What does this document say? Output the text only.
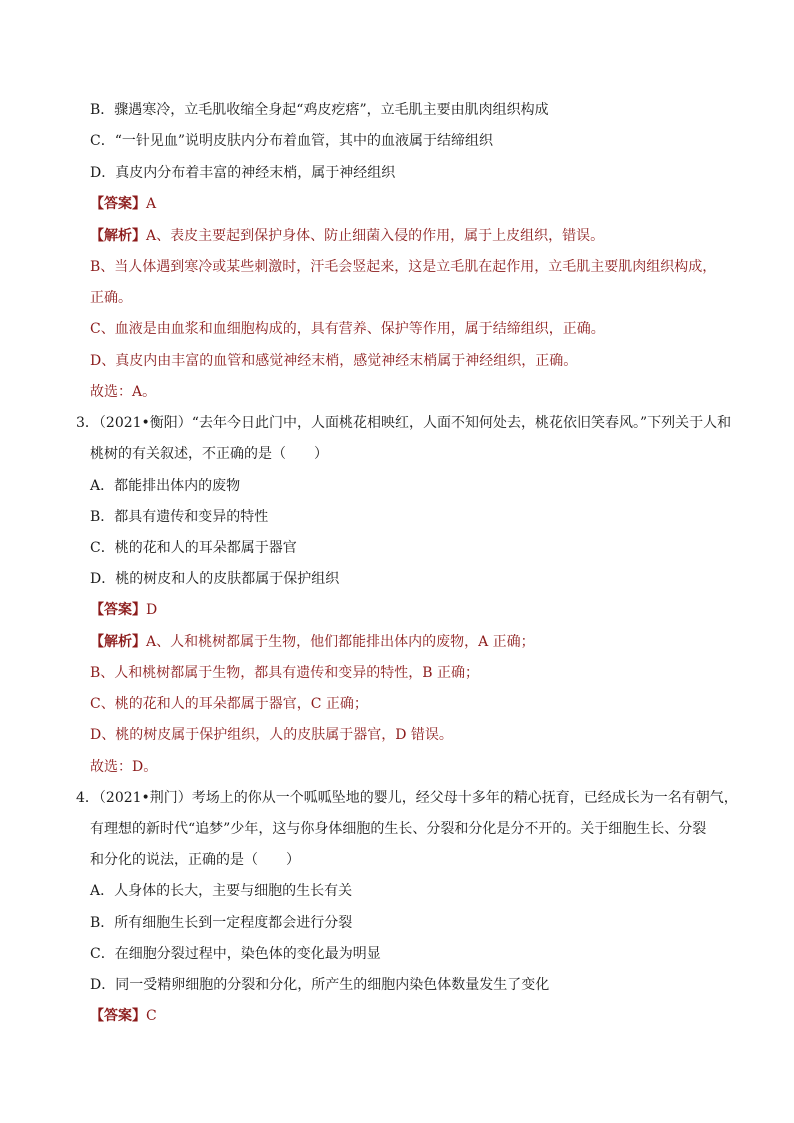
B．骤遇寒冷，立毛肌收缩全身起“鸡皮疙瘩”，立毛肌主要由肌肉组织构成
C．“一针见血”说明皮肤内分布着血管，其中的血液属于结缔组织
D．真皮内分布着丰富的神经末梢，属于神经组织
【答案】A
【解析】A、表皮主要起到保护身体、防止细菌入侵的作用，属于上皮组织，错误。
B、当人体遇到寒冷或某些刺激时，汗毛会竖起来，这是立毛肌在起作用，立毛肌主要肌肉组织构成，
正确。
C、血液是由血浆和血细胞构成的，具有营养、保护等作用，属于结缔组织，正确。
D、真皮内由丰富的血管和感觉神经末梢，感觉神经末梢属于神经组织，正确。
故选：A。
3．（2021•衡阳）“去年今日此门中，人面桃花相映红，人面不知何处去，桃花依旧笑春风。”下列关于人和
桃树的有关叙述，不正确的是（　　）
A．都能排出体内的废物
B．都具有遗传和变异的特性
C．桃的花和人的耳朵都属于器官
D．桃的树皮和人的皮肤都属于保护组织
【答案】D
【解析】A、人和桃树都属于生物，他们都能排出体内的废物，A 正确；
B、人和桃树都属于生物，都具有遗传和变异的特性，B 正确；
C、桃的花和人的耳朵都属于器官，C 正确；
D、桃的树皮属于保护组织，人的皮肤属于器官，D 错误。
故选：D。
4．（2021•荆门）考场上的你从一个呱呱坠地的婴儿，经父母十多年的精心抚育，已经成长为一名有朝气，
有理想的新时代“追梦”少年，这与你身体细胞的生长、分裂和分化是分不开的。关于细胞生长、分裂
和分化的说法，正确的是（　　）
A．人身体的长大，主要与细胞的生长有关
B．所有细胞生长到一定程度都会进行分裂
C．在细胞分裂过程中，染色体的变化最为明显
D．同一受精卵细胞的分裂和分化，所产生的细胞内染色体数量发生了变化
【答案】C
